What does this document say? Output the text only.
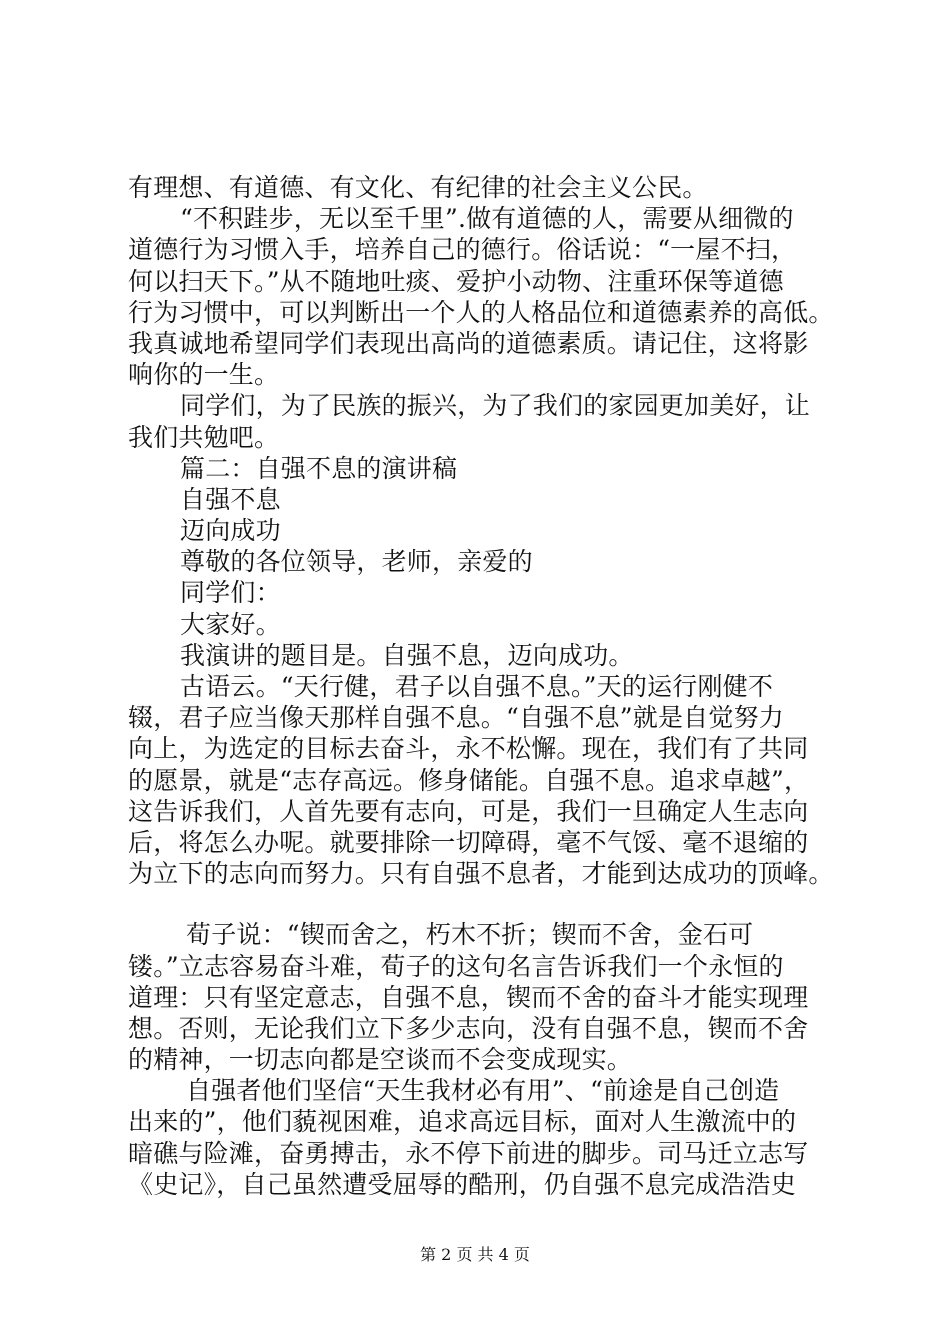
有理想、有道德、有文化、有纪律的社会主义公民。
“不积跬步，无以至千里”.做有道德的人，需要从细微的
道德行为习惯入手，培养自己的德行。俗话说：“一屋不扫，
何以扫天下。”从不随地吐痰、爱护小动物、注重环保等道德
行为习惯中，可以判断出一个人的人格品位和道德素养的高低。
我真诚地希望同学们表现出高尚的道德素质。请记住，这将影
响你的一生。
同学们，为了民族的振兴，为了我们的家园更加美好，让
我们共勉吧。
篇二：自强不息的演讲稿
自强不息
迈向成功
尊敬的各位领导，老师，亲爱的
同学们：
大家好。
我演讲的题目是。自强不息，迈向成功。
古语云。“天行健，君子以自强不息。”天的运行刚健不
辍，君子应当像天那样自强不息。“自强不息”就是自觉努力
向上，为选定的目标去奋斗，永不松懈。现在，我们有了共同
的愿景，就是“志存高远。修身储能。自强不息。追求卓越”，
这告诉我们，人首先要有志向，可是，我们一旦确定人生志向
后，将怎么办呢。就要排除一切障碍，毫不气馁、毫不退缩的
为立下的志向而努力。只有自强不息者，才能到达成功的顶峰。
荀子说：“锲而舍之，朽木不折；锲而不舍，金石可
镂。”立志容易奋斗难，荀子的这句名言告诉我们一个永恒的
道理：只有坚定意志，自强不息，锲而不舍的奋斗才能实现理
想。否则，无论我们立下多少志向，没有自强不息，锲而不舍
的精神，一切志向都是空谈而不会变成现实。
自强者他们坚信“天生我材必有用”、“前途是自己创造
出来的”，他们藐视困难，追求高远目标，面对人生激流中的
暗礁与险滩，奋勇搏击，永不停下前进的脚步。司马迁立志写
《史记》，自己虽然遭受屈辱的酷刑，仍自强不息完成浩浩史
第 2 页 共 4 页
